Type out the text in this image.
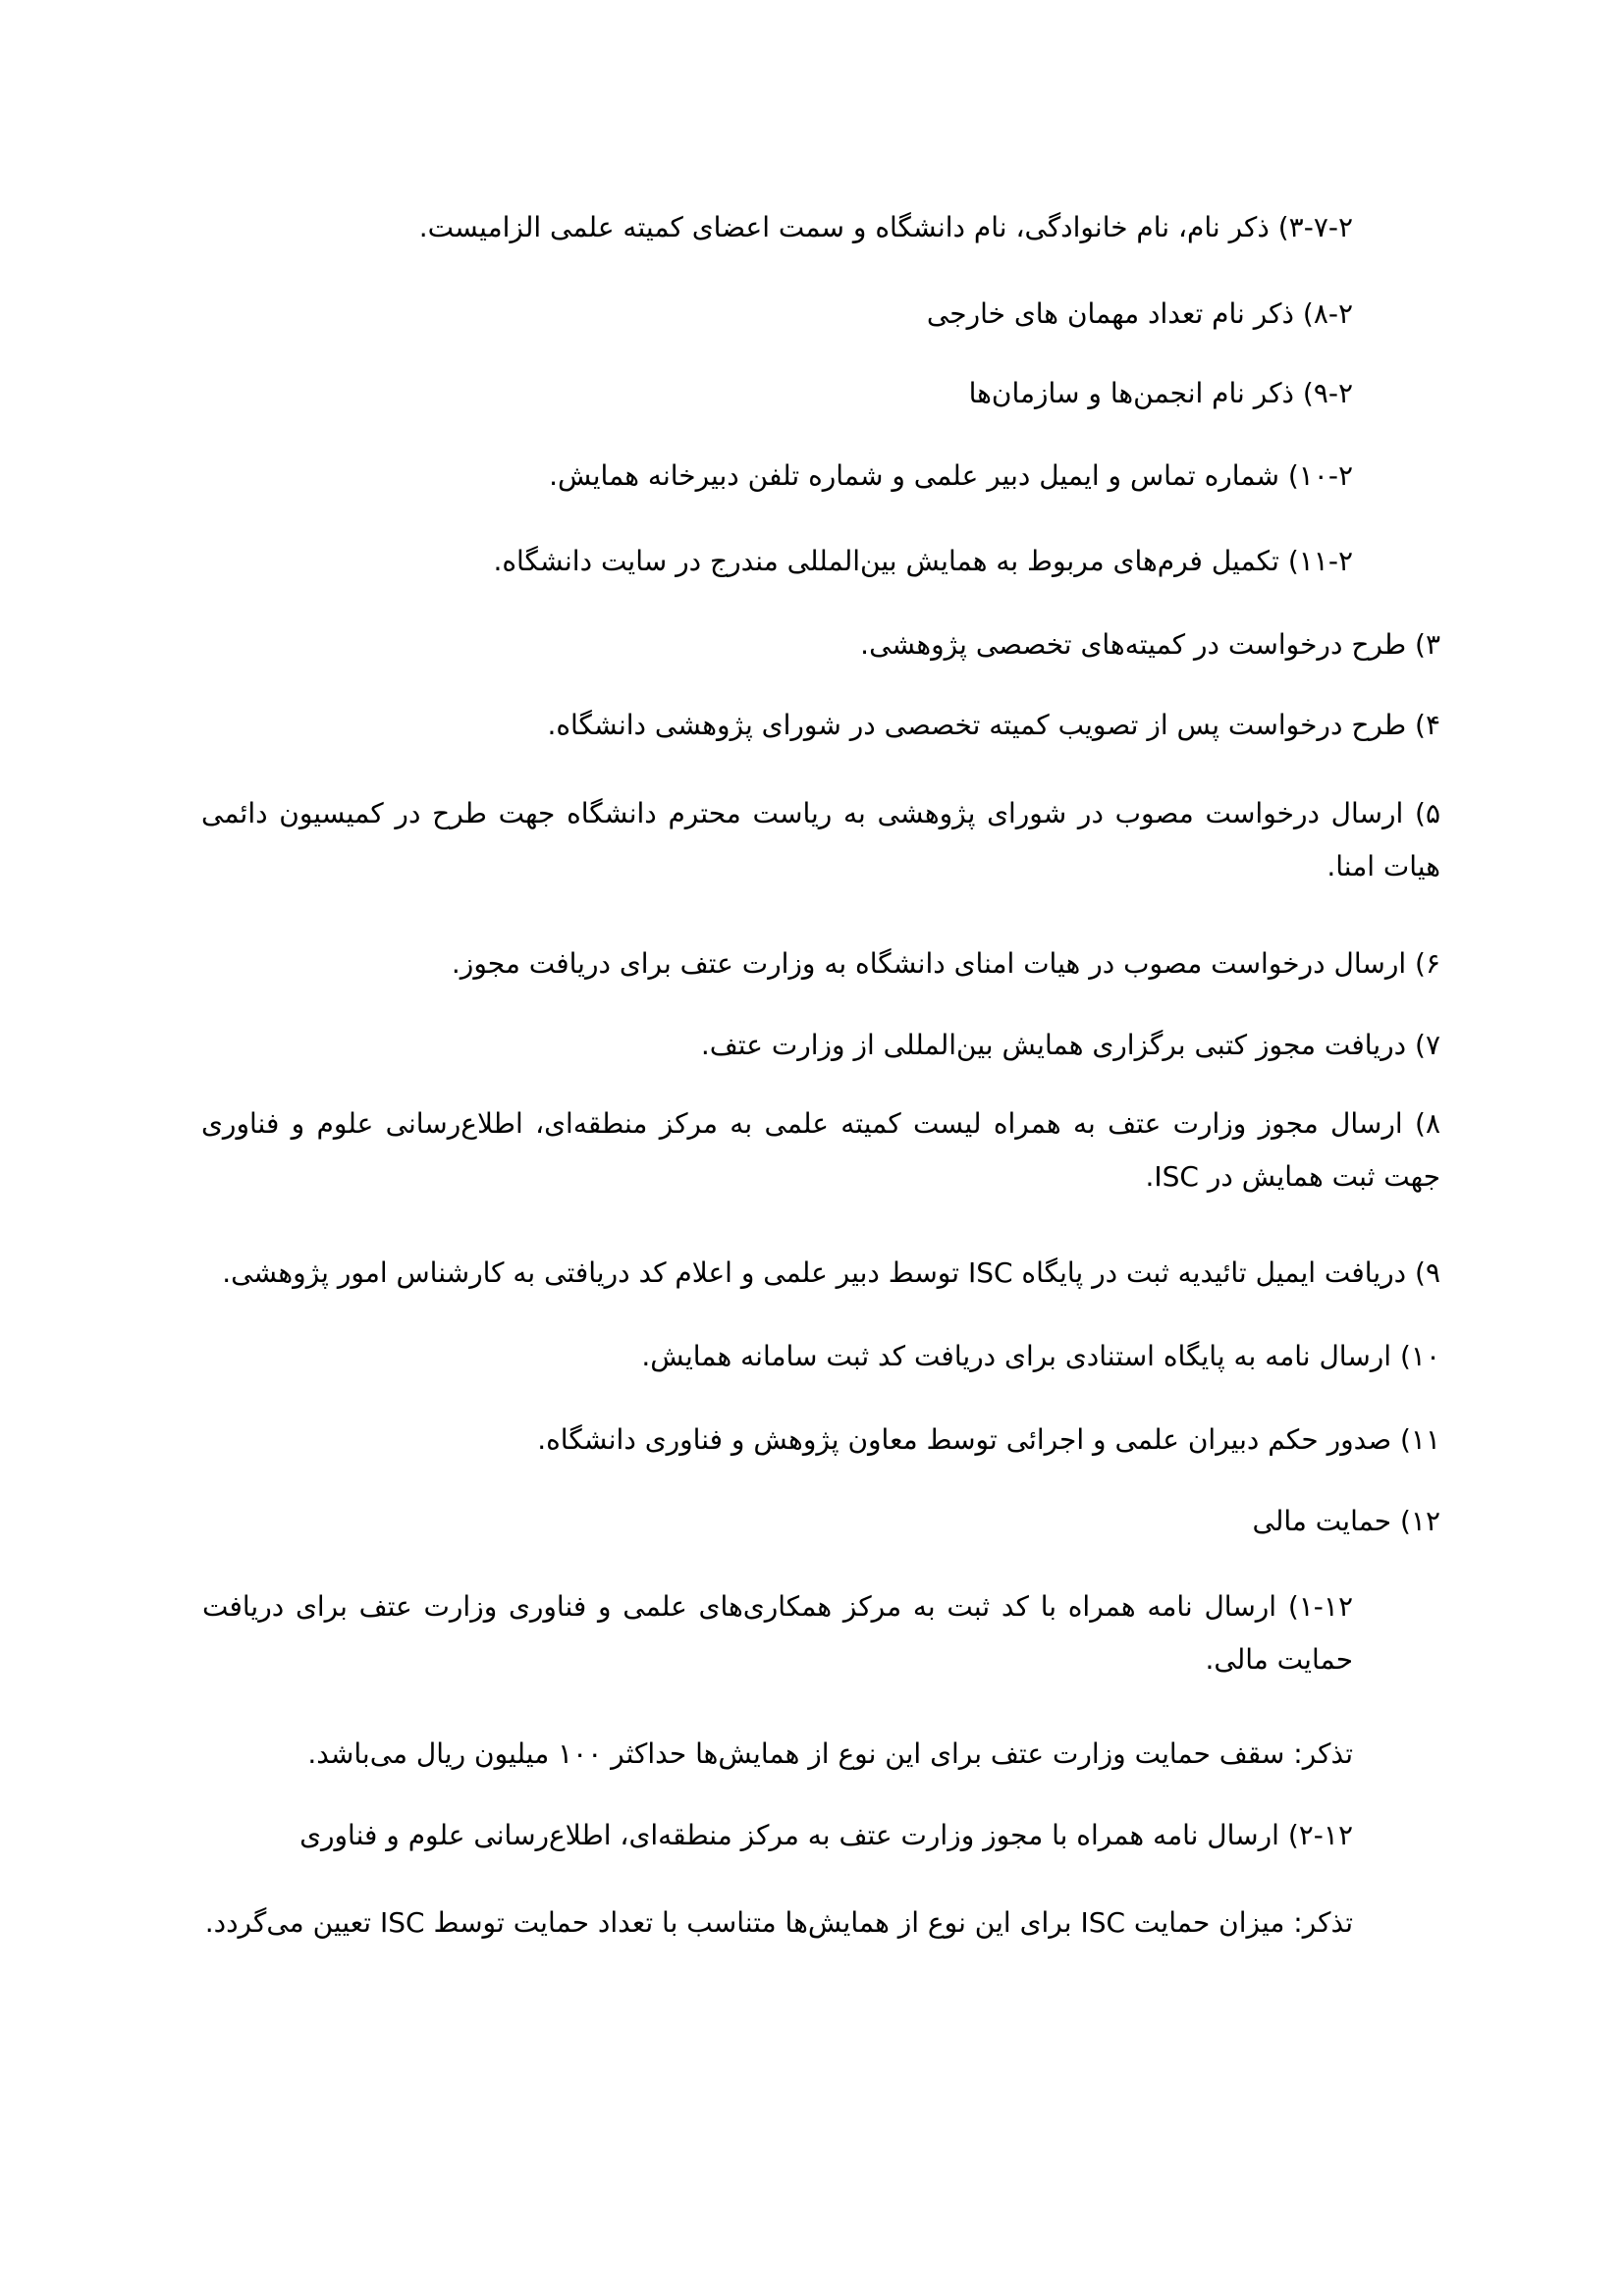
۳-۷-۲) ذکر نام، نام خانوادگی، نام دانشگاه و سمت اعضای کمیته علمی الزامیست.
۸-۲) ذکر نام تعداد مهمان های خارجی
۹-۲) ذکر نام انجمن‌ها و سازمان‌ها
۱۰-۲) شماره تماس و ایمیل دبیر علمی و شماره تلفن دبیرخانه همایش.
۱۱-۲) تکمیل فرم‌های مربوط به همایش بین‌المللی مندرج در سایت دانشگاه.
۳) طرح درخواست در کمیته‌های تخصصی پژوهشی.
۴) طرح درخواست پس از تصویب کمیته تخصصی در شورای پژوهشی دانشگاه.
۵) ارسال درخواست مصوب در شورای پژوهشی به ریاست محترم دانشگاه جهت طرح در کمیسیون دائمی هیات امنا.
۶) ارسال درخواست مصوب در هیات امنای دانشگاه به وزارت عتف برای دریافت مجوز.
۷) دریافت مجوز کتبی برگزاری همایش بین‌المللی از وزارت عتف.
۸) ارسال مجوز وزارت عتف به همراه لیست کمیته علمی به مرکز منطقه‌ای، اطلاع‌رسانی علوم و فناوری جهت ثبت همایش در ISC.
۹) دریافت ایمیل تائیدیه ثبت در پایگاه ISC توسط دبیر علمی و اعلام کد دریافتی به کارشناس امور پژوهشی.
۱۰) ارسال نامه به پایگاه استنادی برای دریافت کد ثبت سامانه همایش.
۱۱) صدور حکم دبیران علمی و اجرائی توسط معاون پژوهش و فناوری دانشگاه.
۱۲) حمایت مالی
۱-۱۲) ارسال نامه همراه با کد ثبت به مرکز همکاری‌های علمی و فناوری وزارت عتف برای دریافت حمایت مالی.
تذکر: سقف حمایت وزارت عتف برای این نوع از همایش‌ها حداکثر ۱۰۰ میلیون ریال می‌باشد.
۲-۱۲) ارسال نامه همراه با مجوز وزارت عتف به مرکز منطقه‌ای، اطلاع‌رسانی علوم و فناوری
تذکر: میزان حمایت ISC برای این نوع از همایش‌ها متناسب با تعداد حمایت توسط ISC تعیین می‌گردد.
